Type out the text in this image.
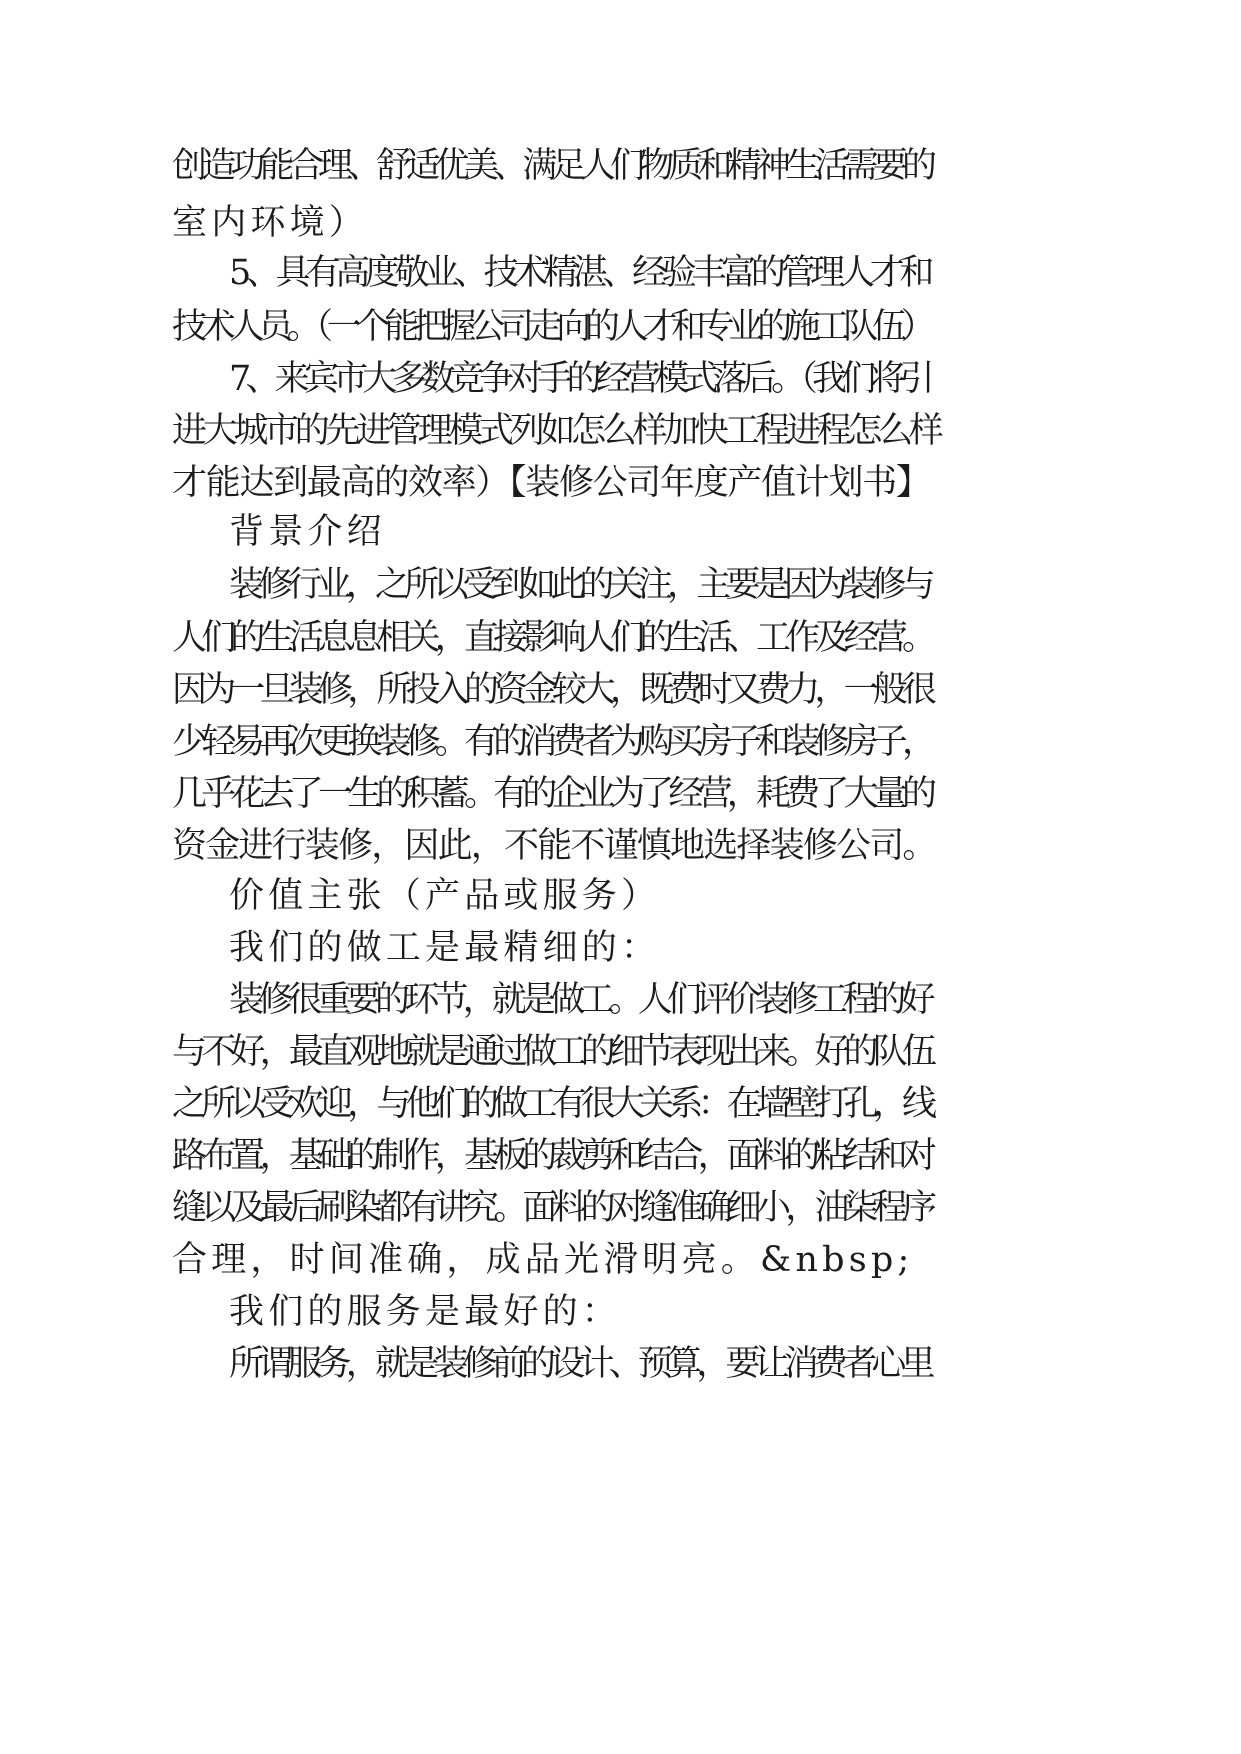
创造功能合理、舒适优美、满足人们物质和精神生活需要的
室内环境）
5、具有高度敬业、技术精湛、经验丰富的管理人才和
技术人员。（一个能把握公司走向的人才和专业的施工队伍）
7、来宾市大多数竞争对手的经营模式落后。（我们将引
进大城市的先进管理模式列如怎么样加快工程进程怎么样
才能达到最高的效率）【装修公司年度产值计划书】
背景介绍
装修行业，之所以受到如此的关注，主要是因为装修与
人们的生活息息相关，直接影响人们的生活、工作及经营。
因为一旦装修，所投入的资金较大，既费时又费力，一般很
少轻易再次更换装修。有的消费者为购买房子和装修房子，
几乎花去了一生的积蓄。有的企业为了经营，耗费了大量的
资金进行装修，因此，不能不谨慎地选择装修公司。
价值主张（产品或服务）
我们的做工是最精细的：
装修很重要的环节，就是做工。人们评价装修工程的好
与不好，最直观地就是通过做工的细节表现出来。好的队伍
之所以受欢迎，与他们的做工有很大关系：在墙壁打孔，线
路布置，基础的制作，基板的裁剪和结合，面料的粘结和对
缝以及最后刷染都有讲究。面料的对缝准确细小，油柒程序
合理，时间准确，成品光滑明亮。&nbsp;
我们的服务是最好的：
所谓服务，就是装修前的设计、预算，要让消费者心里
